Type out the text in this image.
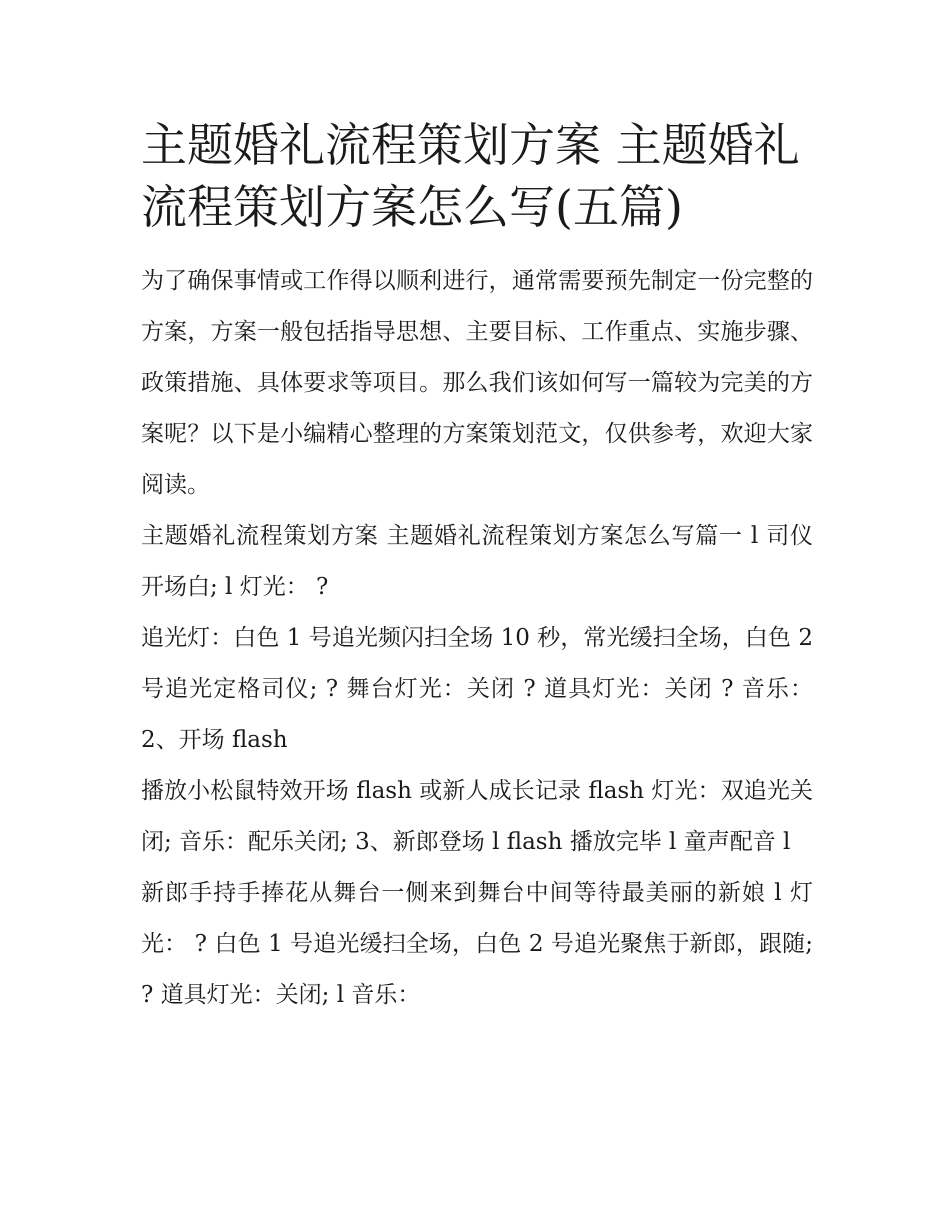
主题婚礼流程策划方案 主题婚礼流程策划方案怎么写(五篇)

为了确保事情或工作得以顺利进行，通常需要预先制定一份完整的方案，方案一般包括指导思想、主要目标、工作重点、实施步骤、政策措施、具体要求等项目。那么我们该如何写一篇较为完美的方案呢？以下是小编精心整理的方案策划范文，仅供参考，欢迎大家阅读。

主题婚礼流程策划方案 主题婚礼流程策划方案怎么写篇一 l 司仪开场白; l 灯光： ?

追光灯：白色 1 号追光频闪扫全场 10 秒，常光缓扫全场，白色 2 号追光定格司仪; ? 舞台灯光：关闭 ? 道具灯光：关闭 ? 音乐： 2、开场 flash

播放小松鼠特效开场 flash 或新人成长记录 flash 灯光：双追光关闭; 音乐：配乐关闭; 3、新郎登场 l flash 播放完毕 l 童声配音 l

新郎手持手捧花从舞台一侧来到舞台中间等待最美丽的新娘 l 灯光： ? 白色 1 号追光缓扫全场，白色 2 号追光聚焦于新郎，跟随; ? 道具灯光：关闭; l 音乐：
